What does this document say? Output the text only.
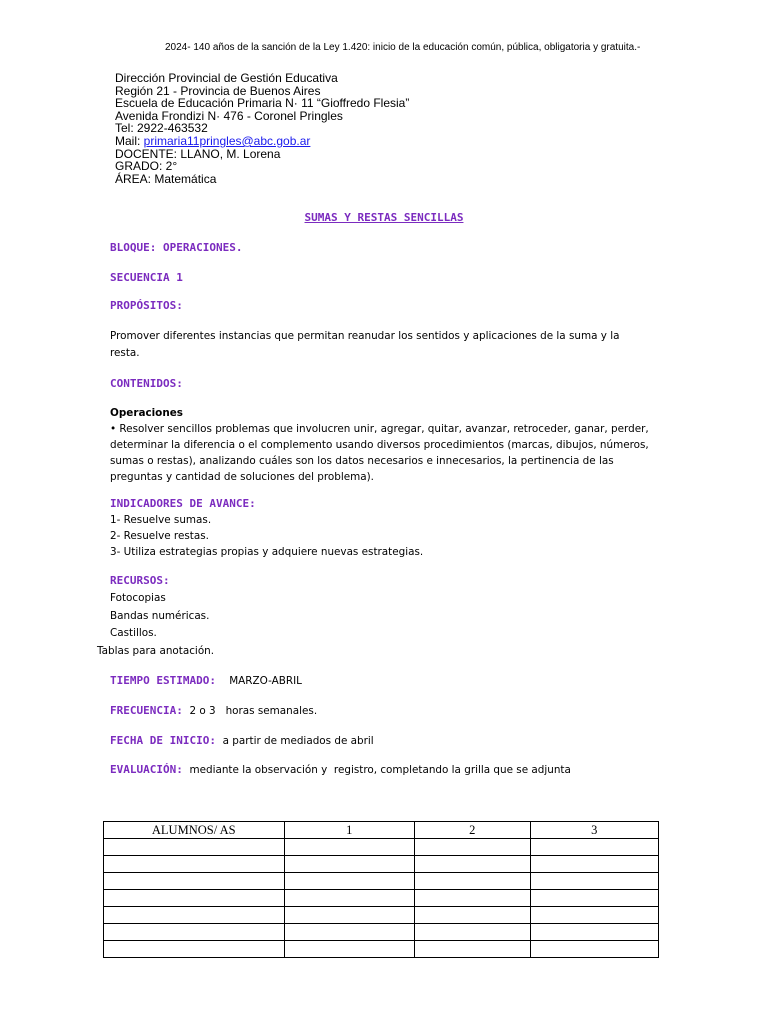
2024- 140 años de la sanción de la Ley 1.420: inicio de la educación común, pública, obligatoria y gratuita.-
Dirección Provincial de Gestión Educativa
Región 21 - Provincia de Buenos Aires
Escuela de Educación Primaria N· 11 “Gioffredo Flesia”
Avenida Frondizi N· 476 - Coronel Pringles
Tel: 2922-463532
Mail: primaria11pringles@abc.gob.ar
DOCENTE: LLANO, M. Lorena
GRADO: 2°
ÁREA: Matemática
SUMAS Y RESTAS SENCILLAS
BLOQUE: OPERACIONES.
SECUENCIA 1
PROPÓSITOS:
Promover diferentes instancias que permitan reanudar los sentidos y aplicaciones de la suma y la resta.
CONTENIDOS:
Operaciones
• Resolver sencillos problemas que involucren unir, agregar, quitar, avanzar, retroceder, ganar, perder, determinar la diferencia o el complemento usando diversos procedimientos (marcas, dibujos, números, sumas o restas), analizando cuáles son los datos necesarios e innecesarios, la pertinencia de las preguntas y cantidad de soluciones del problema).
INDICADORES DE AVANCE:
1- Resuelve sumas.
2- Resuelve restas.
3- Utiliza estrategias propias y adquiere nuevas estrategias.
RECURSOS:
Fotocopias
Bandas numéricas.
Castillos.
Tablas para anotación.
TIEMPO ESTIMADO: MARZO-ABRIL
FRECUENCIA: 2 o 3   horas semanales.
FECHA DE INICIO: a partir de mediados de abril
EVALUACIÓN: mediante la observación y  registro, completando la grilla que se adjunta
ALUMNOS/ AS	1	2	3
